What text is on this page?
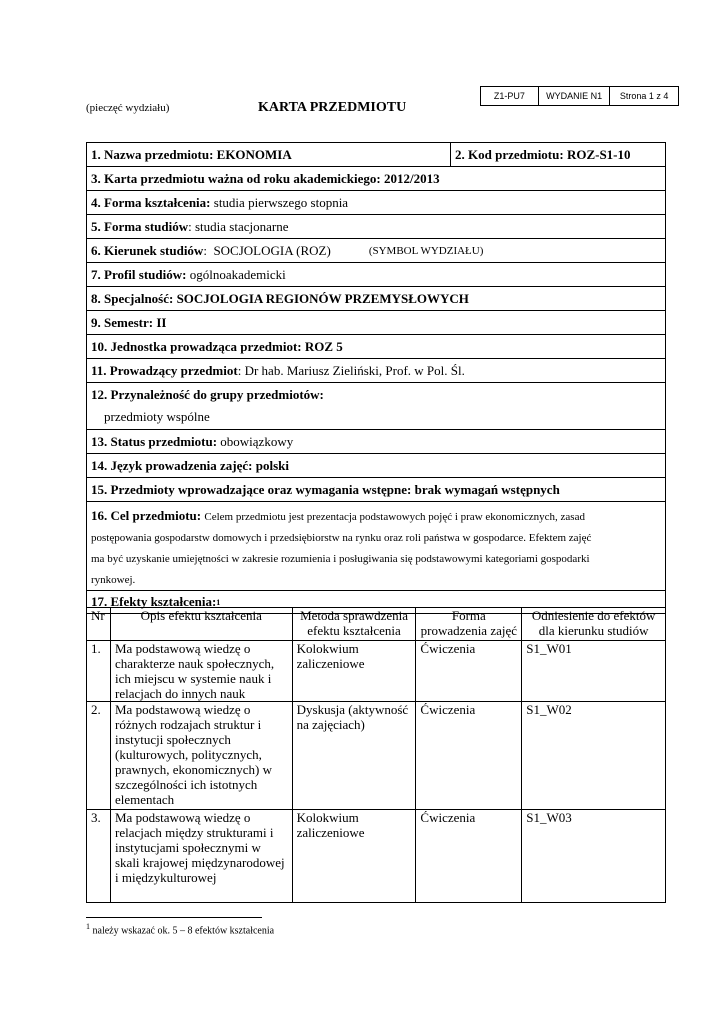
Z1-PU7	WYDANIE N1	Strona 1 z 4
(pieczęć wydziału)	KARTA PRZEDMIOTU
1. Nazwa przedmiotu: EKONOMIA	2. Kod przedmiotu: ROZ-S1-10
3. Karta przedmiotu ważna od roku akademickiego: 2012/2013
4. Forma kształcenia:
studia pierwszego stopnia
5. Forma studiów : studia stacjonarne
6. Kierunek studiów :  SOCJOLOGIA (ROZ)	(SYMBOL WYDZIAŁU)
7. Profil studiów:
ogólnoakademicki
8. Specjalność: SOCJOLOGIA REGIONÓW PRZEMYSŁOWYCH
9. Semestr: II
10. Jednostka prowadząca przedmiot: ROZ 5
11. Prowadzący przedmiot : Dr hab. Mariusz Zieliński, Prof. w Pol. Śl.
12. Przynależność do grupy przedmiotów:
przedmioty wspólne
13. Status przedmiotu:
obowiązkowy
14. Język prowadzenia zajęć: polski
15. Przedmioty wprowadzające oraz wymagania wstępne: brak wymagań wstępnych
16. Cel przedmiotu: Celem przedmiotu jest prezentacja podstawowych pojęć i praw ekonomicznych, zasad
postępowania gospodarstw domowych i przedsiębiorstw na rynku oraz roli państwa w gospodarce. Efektem zajęć
ma być uzyskanie umiejętności w zakresie rozumienia i posługiwania się podstawowymi kategoriami gospodarki
rynkowej.
17. Efekty kształcenia: 1
Nr	Opis efektu kształcenia	Metoda sprawdzenia efektu kształcenia	Forma prowadzenia zajęć	Odniesienie do efektów dla kierunku studiów
1.	Ma podstawową wiedzę o charakterze nauk społecznych, ich miejscu w systemie nauk i relacjach do innych nauk	Kolokwium zaliczeniowe	Ćwiczenia	S1_W01
2.	Ma podstawową wiedzę o różnych rodzajach struktur i instytucji społecznych (kulturowych, politycznych, prawnych, ekonomicznych) w szczególności ich istotnych elementach	Dyskusja (aktywność na zajęciach)	Ćwiczenia	S1_W02
3.	Ma podstawową wiedzę o relacjach między strukturami i instytucjami społecznymi w skali krajowej międzynarodowej i międzykulturowej	Kolokwium zaliczeniowe	Ćwiczenia	S1_W03
$^1$ należy wskazać ok. 5 – 8 efektów kształcenia
